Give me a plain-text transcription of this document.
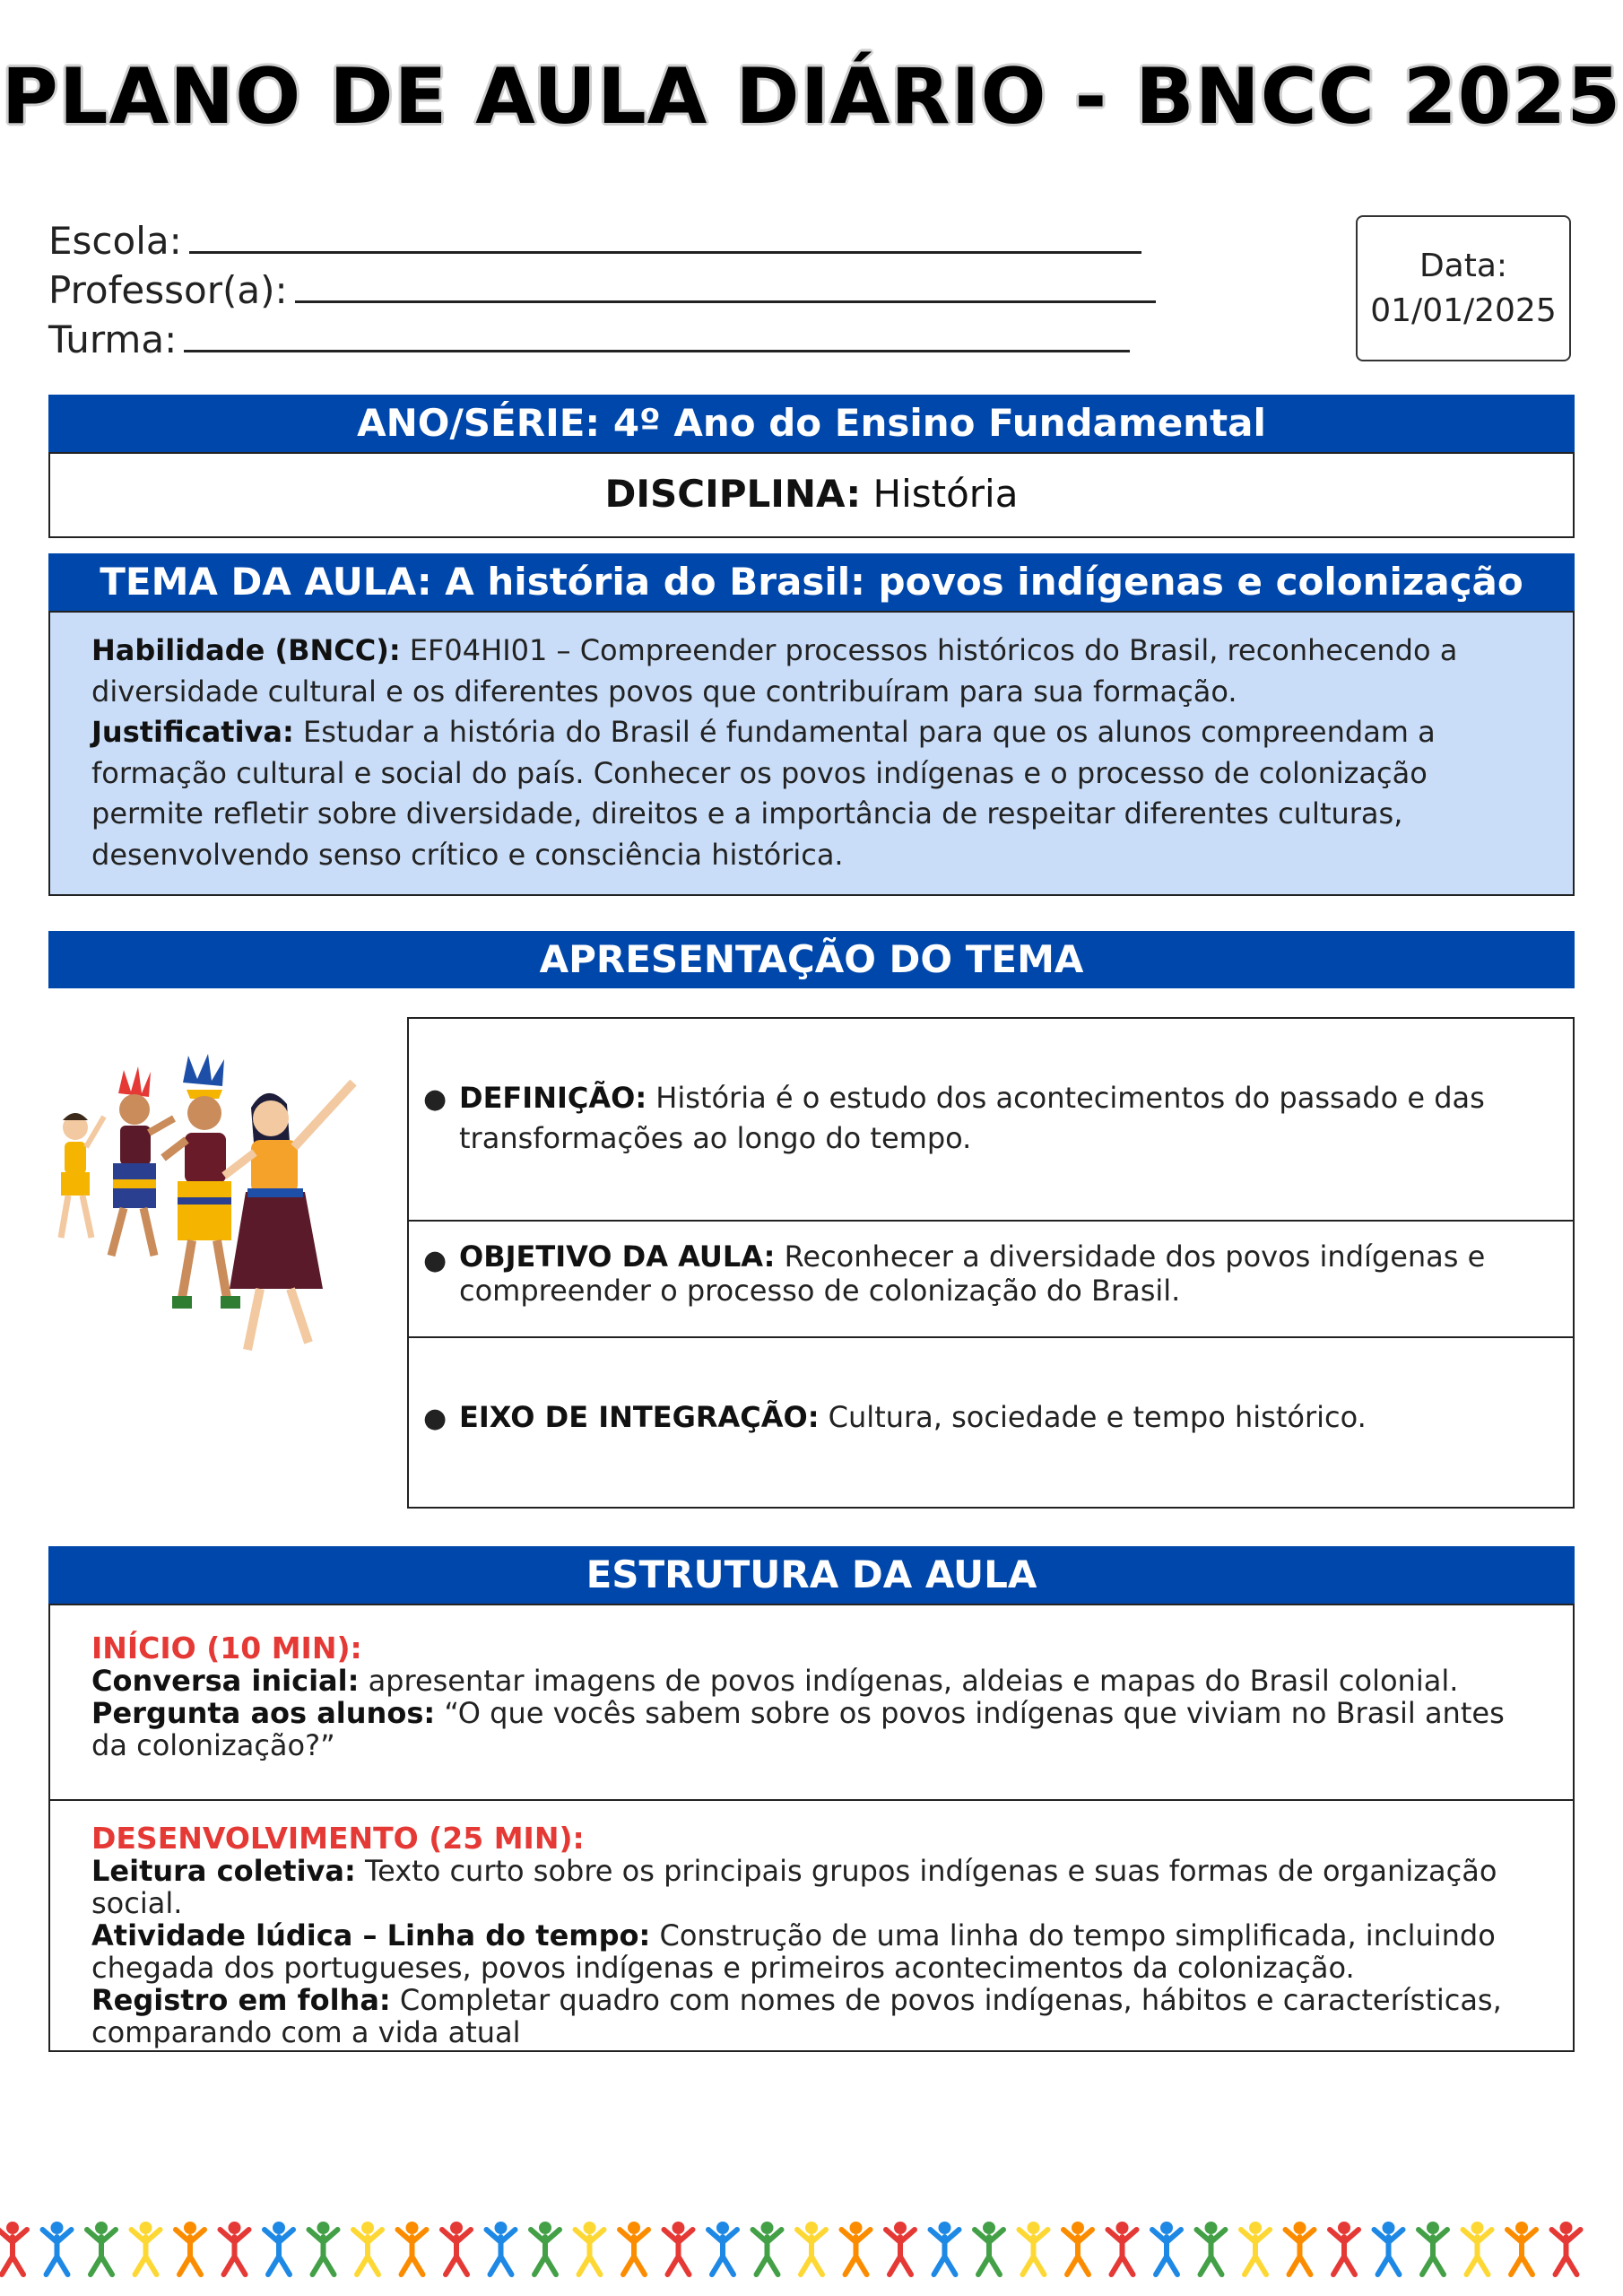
PLANO DE AULA DIÁRIO - BNCC 2025
Escola:
Professor(a):
Turma:
Data:
01/01/2025
ANO/SÉRIE: 4º Ano do Ensino Fundamental
DISCIPLINA: História
TEMA DA AULA: A história do Brasil: povos indígenas e colonização
Habilidade (BNCC): EF04HI01 – Compreender processos históricos do Brasil, reconhecendo a diversidade cultural e os diferentes povos que contribuíram para sua formação.
Justificativa: Estudar a história do Brasil é fundamental para que os alunos compreendam a formação cultural e social do país. Conhecer os povos indígenas e o processo de colonização permite refletir sobre diversidade, direitos e a importância de respeitar diferentes culturas, desenvolvendo senso crítico e consciência histórica.
APRESENTAÇÃO DO TEMA
● DEFINIÇÃO: História é o estudo dos acontecimentos do passado e das transformações ao longo do tempo.
● OBJETIVO DA AULA: Reconhecer a diversidade dos povos indígenas e compreender o processo de colonização do Brasil.
● EIXO DE INTEGRAÇÃO: Cultura, sociedade e tempo histórico.
ESTRUTURA DA AULA
INÍCIO (10 MIN):
Conversa inicial: apresentar imagens de povos indígenas, aldeias e mapas do Brasil colonial.
Pergunta aos alunos: “O que vocês sabem sobre os povos indígenas que viviam no Brasil antes da colonização?”
DESENVOLVIMENTO (25 MIN):
Leitura coletiva: Texto curto sobre os principais grupos indígenas e suas formas de organização social.
Atividade lúdica – Linha do tempo: Construção de uma linha do tempo simplificada, incluindo chegada dos portugueses, povos indígenas e primeiros acontecimentos da colonização.
Registro em folha: Completar quadro com nomes de povos indígenas, hábitos e características, comparando com a vida atual
